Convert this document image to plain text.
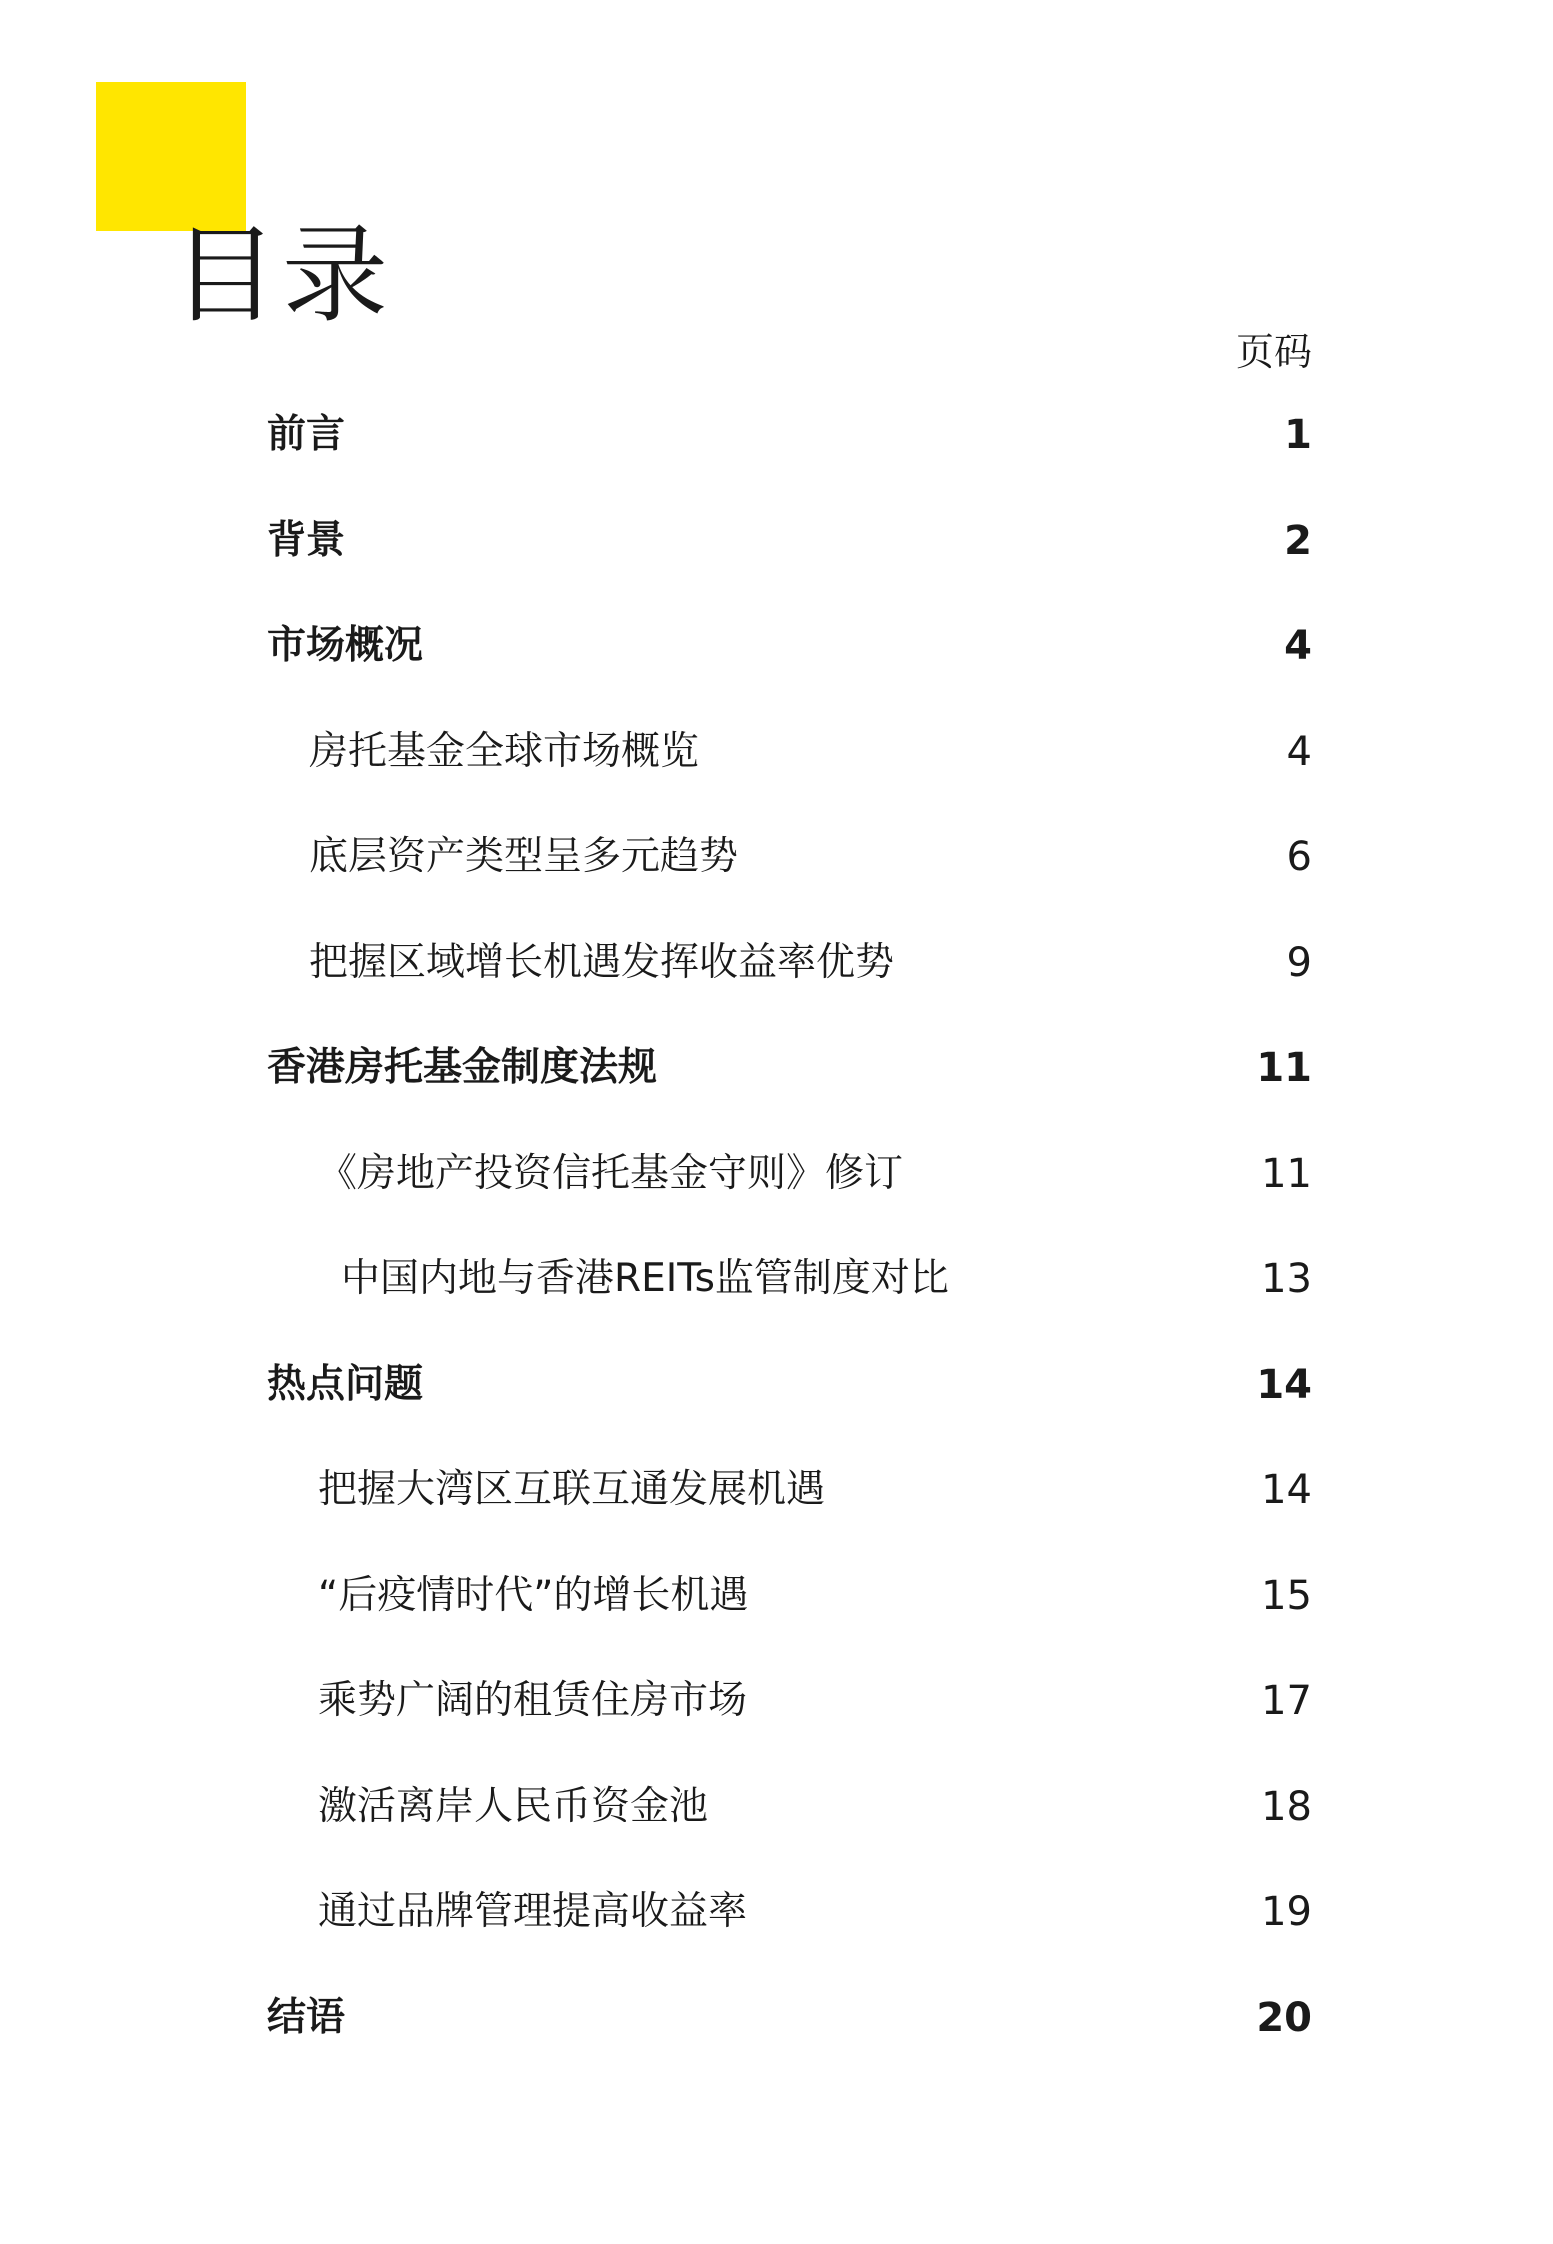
目录
页码
前言	1
背景	2
市场概况	4
房托基金全球市场概览	4
底层资产类型呈多元趋势	6
把握区域增长机遇发挥收益率优势	9
香港房托基金制度法规	11
《房地产投资信托基金守则》修订	11
中国内地与香港REITs监管制度对比	13
热点问题	14
把握大湾区互联互通发展机遇	14
“后疫情时代”的增长机遇	15
乘势广阔的租赁住房市场	17
激活离岸人民币资金池	18
通过品牌管理提高收益率	19
结语	20
